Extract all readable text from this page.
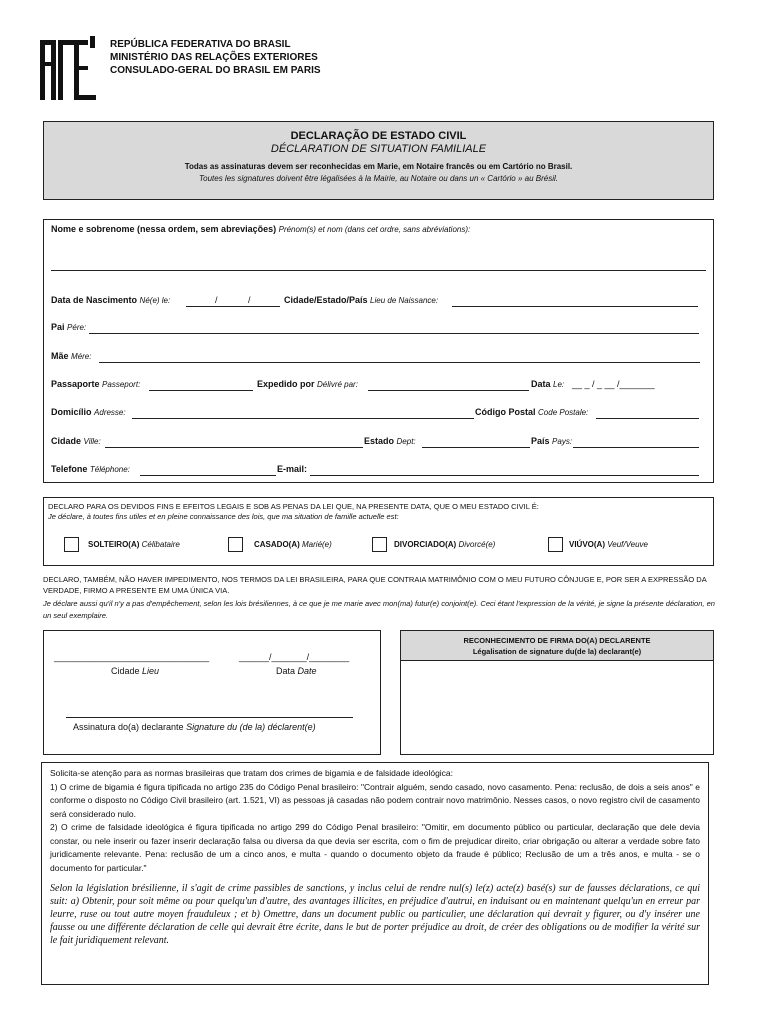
REPÚBLICA FEDERATIVA DO BRASIL
MINISTÉRIO DAS RELAÇÕES EXTERIORES
CONSULADO-GERAL DO BRASIL EM PARIS
DECLARAÇÃO DE ESTADO CIVIL
DÉCLARATION DE SITUATION FAMILIALE
Todas as assinaturas devem ser reconhecidas em Marie, em Notaire francês ou em Cartório no Brasil.
Toutes les signatures doivent être légalisées à la Mairie, au Notaire ou dans un « Cartório » au Brésil.
Nome e sobrenome (nessa ordem, sem abreviações) Prénom(s) et nom (dans cet ordre, sans abréviations):
Data de Nascimento Né(e) le:	/	/	Cidade/Estado/País Lieu de Naissance:
Pai Pére:
Mãe Mére:
Passaporte Passeport:	Expedido por Délivré par:	Data Le: __ _ / _ __ /_______
Domicílio Adresse:	Código Postal Code Postale:
Cidade Ville:	Estado Dept:	País Pays:
Telefone Téléphone:	E-mail:
DECLARO PARA OS DEVIDOS FINS E EFEITOS LEGAIS E SOB AS PENAS DA LEI QUE, NA PRESENTE DATA, QUE O MEU ESTADO CIVIL É:
Je déclare, à toutes fins utiles et en pleine connaissance des lois, que ma situation de famille actuelle est:
SOLTEIRO(A) Célibataire	CASADO(A) Marié(e)	DIVORCIADO(A) Divorcé(e)	VIÚVO(A) Veuf/Veuve
DECLARO, TAMBÉM, NÃO HAVER IMPEDIMENTO, NOS TERMOS DA LEI BRASILEIRA, PARA QUE CONTRAIA MATRIMÔNIO COM O MEU FUTURO CÔNJUGE E, POR SER A EXPRESSÃO DA VERDADE, FIRMO A PRESENTE EM UMA ÚNICA VIA.
Je déclare aussi qu'il n'y a pas d'empêchement, selon les lois brésiliennes, à ce que je me marie avec mon(ma) futur(e) conjoint(e). Ceci étant l'expression de la vérité, je signe la présente déclaration, en un seul exemplaire.
_______________________________	______/_______/________
Cidade Lieu	Data Date
Assinatura do(a) declarante Signature du (de la) déclarent(e)
RECONHECIMENTO DE FIRMA DO(A) DECLARENTE
Légalisation de signature du(de la) declarant(e)
Solicita-se atenção para as normas brasileiras que tratam dos crimes de bigamia e de falsidade ideológica:
1) O crime de bigamia é figura tipificada no artigo 235 do Código Penal brasileiro: "Contrair alguém, sendo casado, novo casamento. Pena: reclusão, de dois a seis anos" e conforme o disposto no Código Civil brasileiro (art. 1.521, VI) as pessoas já casadas não podem contrair novo matrimônio. Nesses casos, o novo registro civil de casamento será considerado nulo.
2) O crime de falsidade ideológica é figura tipificada no artigo 299 do Código Penal brasileiro: "Omitir, em documento público ou particular, declaração que dele devia constar, ou nele inserir ou fazer inserir declaração falsa ou diversa da que devia ser escrita, com o fim de prejudicar direito, criar obrigação ou alterar a verdade sobre fato juridicamente relevante. Pena: reclusão de um a cinco anos, e multa - quando o documento objeto da fraude é público; Reclusão de um a três anos, e multa - se o documento for particular."
Selon la législation brésilienne, il s'agit de crime passibles de sanctions, y inclus celui de rendre nul(s) le(z) acte(z) basé(s) sur de fausses déclarations, ce qui suit: a) Obtenir, pour soit même ou pour quelqu'un d'autre, des avantages illicites, en préjudice d'autrui, en induisant ou en maintenant quelqu'un en erreur par leurre, ruse ou tout autre moyen frauduleux ; et b) Omettre, dans un document public ou particulier, une déclaration qui devrait y figurer, ou d'y insérer une fausse ou une différente déclaration de celle qui devrait être écrite, dans le but de porter préjudice au droit, de créer des obligations ou de modifier la vérité sur le fait juridiquement relevant.
